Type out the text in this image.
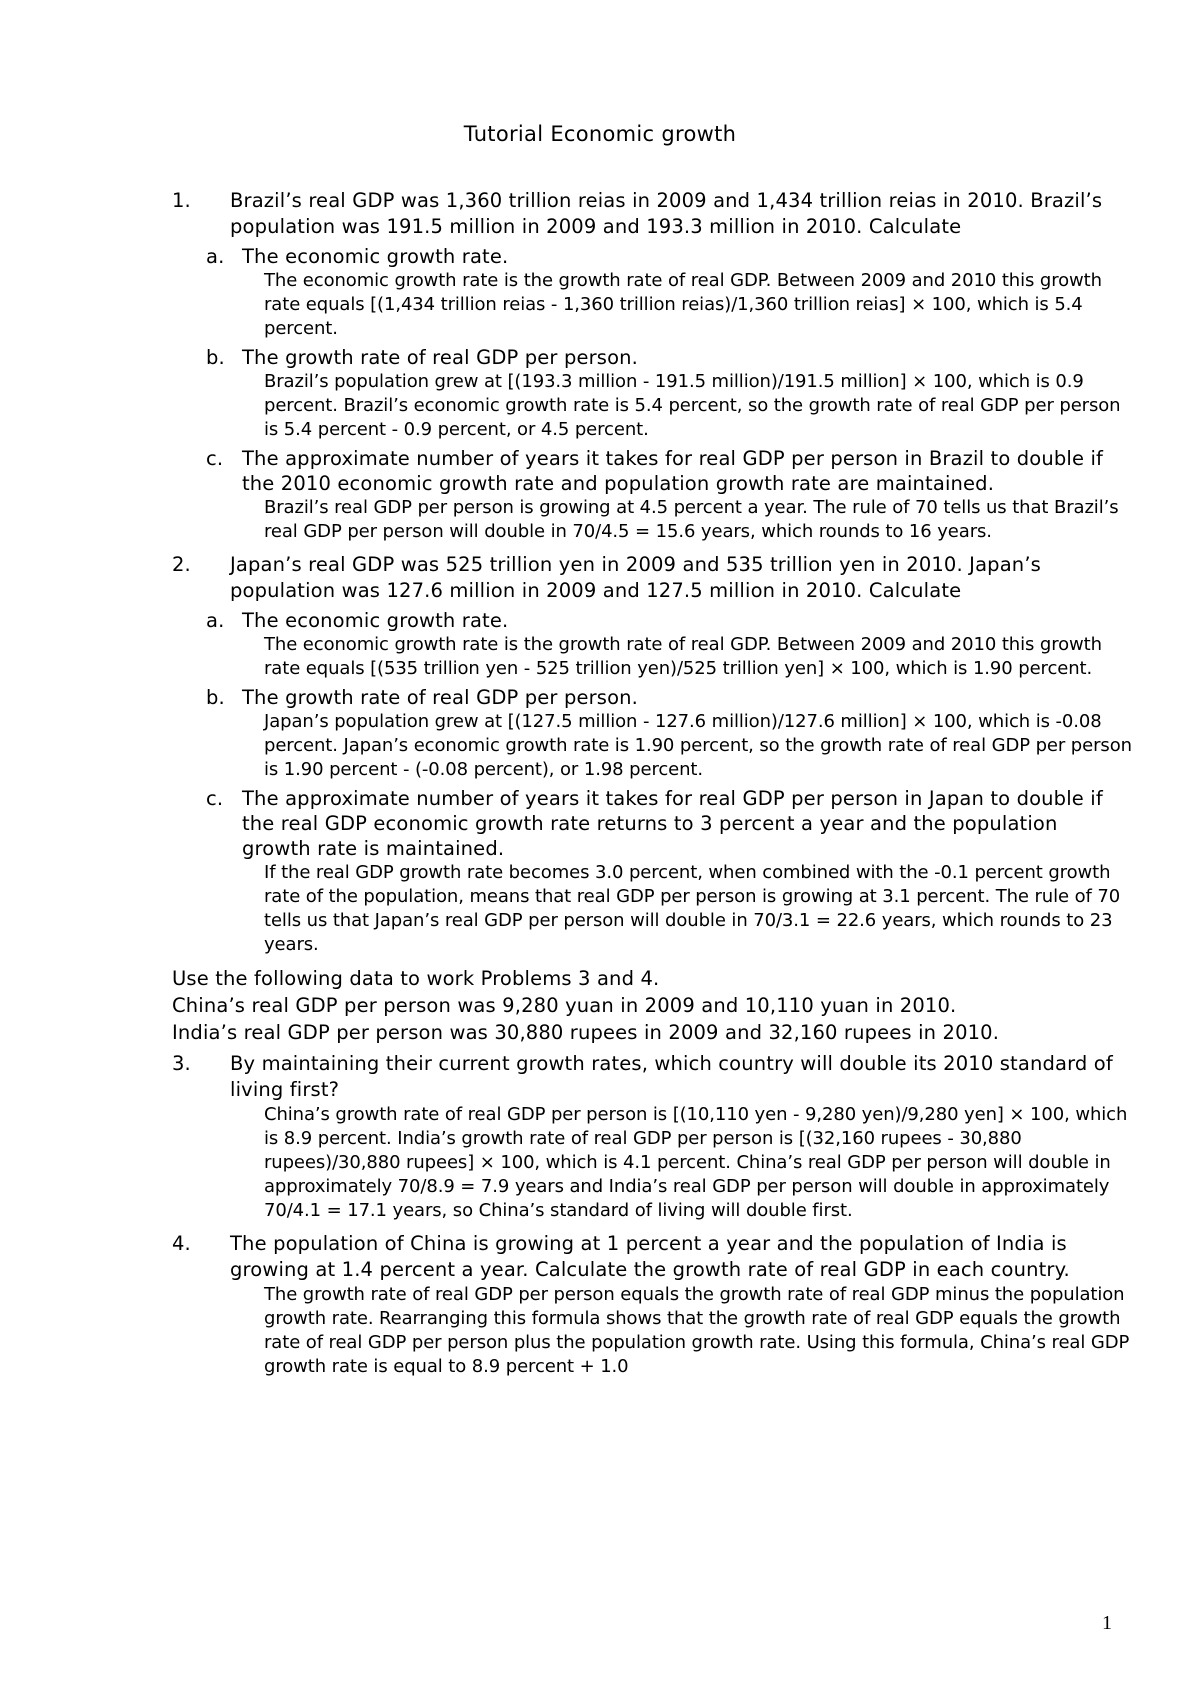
Tutorial Economic growth
1.	Brazil’s real GDP was 1,360 trillion reias in 2009 and 1,434 trillion reias in 2010. Brazil’s population was 191.5 million in 2009 and 193.3 million in 2010. Calculate
a. The economic growth rate.
The economic growth rate is the growth rate of real GDP. Between 2009 and 2010 this growth rate equals [(1,434 trillion reias - 1,360 trillion reias)/1,360 trillion reias] × 100, which is 5.4 percent.
b. The growth rate of real GDP per person.
Brazil’s population grew at [(193.3 million - 191.5 million)/191.5 million] × 100, which is 0.9 percent. Brazil’s economic growth rate is 5.4 percent, so the growth rate of real GDP per person is 5.4 percent - 0.9 percent, or 4.5 percent.
c. The approximate number of years it takes for real GDP per person in Brazil to double if the 2010 economic growth rate and population growth rate are maintained.
Brazil’s real GDP per person is growing at 4.5 percent a year. The rule of 70 tells us that Brazil’s real GDP per person will double in 70/4.5 = 15.6 years, which rounds to 16 years.
2.	Japan’s real GDP was 525 trillion yen in 2009 and 535 trillion yen in 2010. Japan’s population was 127.6 million in 2009 and 127.5 million in 2010. Calculate
a. The economic growth rate.
The economic growth rate is the growth rate of real GDP. Between 2009 and 2010 this growth rate equals [(535 trillion yen - 525 trillion yen)/525 trillion yen] × 100, which is 1.90 percent.
b. The growth rate of real GDP per person.
Japan’s population grew at [(127.5 million - 127.6 million)/127.6 million] × 100, which is -0.08 percent. Japan’s economic growth rate is 1.90 percent, so the growth rate of real GDP per person is 1.90 percent - (-0.08 percent), or 1.98 percent.
c. The approximate number of years it takes for real GDP per person in Japan to double if the real GDP economic growth rate returns to 3 percent a year and the population growth rate is maintained.
If the real GDP growth rate becomes 3.0 percent, when combined with the -0.1 percent growth rate of the population, means that real GDP per person is growing at 3.1 percent. The rule of 70 tells us that Japan’s real GDP per person will double in 70/3.1 = 22.6 years, which rounds to 23 years.
Use the following data to work Problems 3 and 4.
China’s real GDP per person was 9,280 yuan in 2009 and 10,110 yuan in 2010.
India’s real GDP per person was 30,880 rupees in 2009 and 32,160 rupees in 2010.
3.	By maintaining their current growth rates, which country will double its 2010 standard of living first?
China’s growth rate of real GDP per person is [(10,110 yen - 9,280 yen)/9,280 yen] × 100, which is 8.9 percent. India’s growth rate of real GDP per person is [(32,160 rupees - 30,880 rupees)/30,880 rupees] × 100, which is 4.1 percent. China’s real GDP per person will double in approximately 70/8.9 = 7.9 years and India’s real GDP per person will double in approximately 70/4.1 = 17.1 years, so China’s standard of living will double first.
4.	The population of China is growing at 1 percent a year and the population of India is growing at 1.4 percent a year. Calculate the growth rate of real GDP in each country.
The growth rate of real GDP per person equals the growth rate of real GDP minus the population growth rate. Rearranging this formula shows that the growth rate of real GDP equals the growth rate of real GDP per person plus the population growth rate. Using this formula, China’s real GDP growth rate is equal to 8.9 percent + 1.0
1
